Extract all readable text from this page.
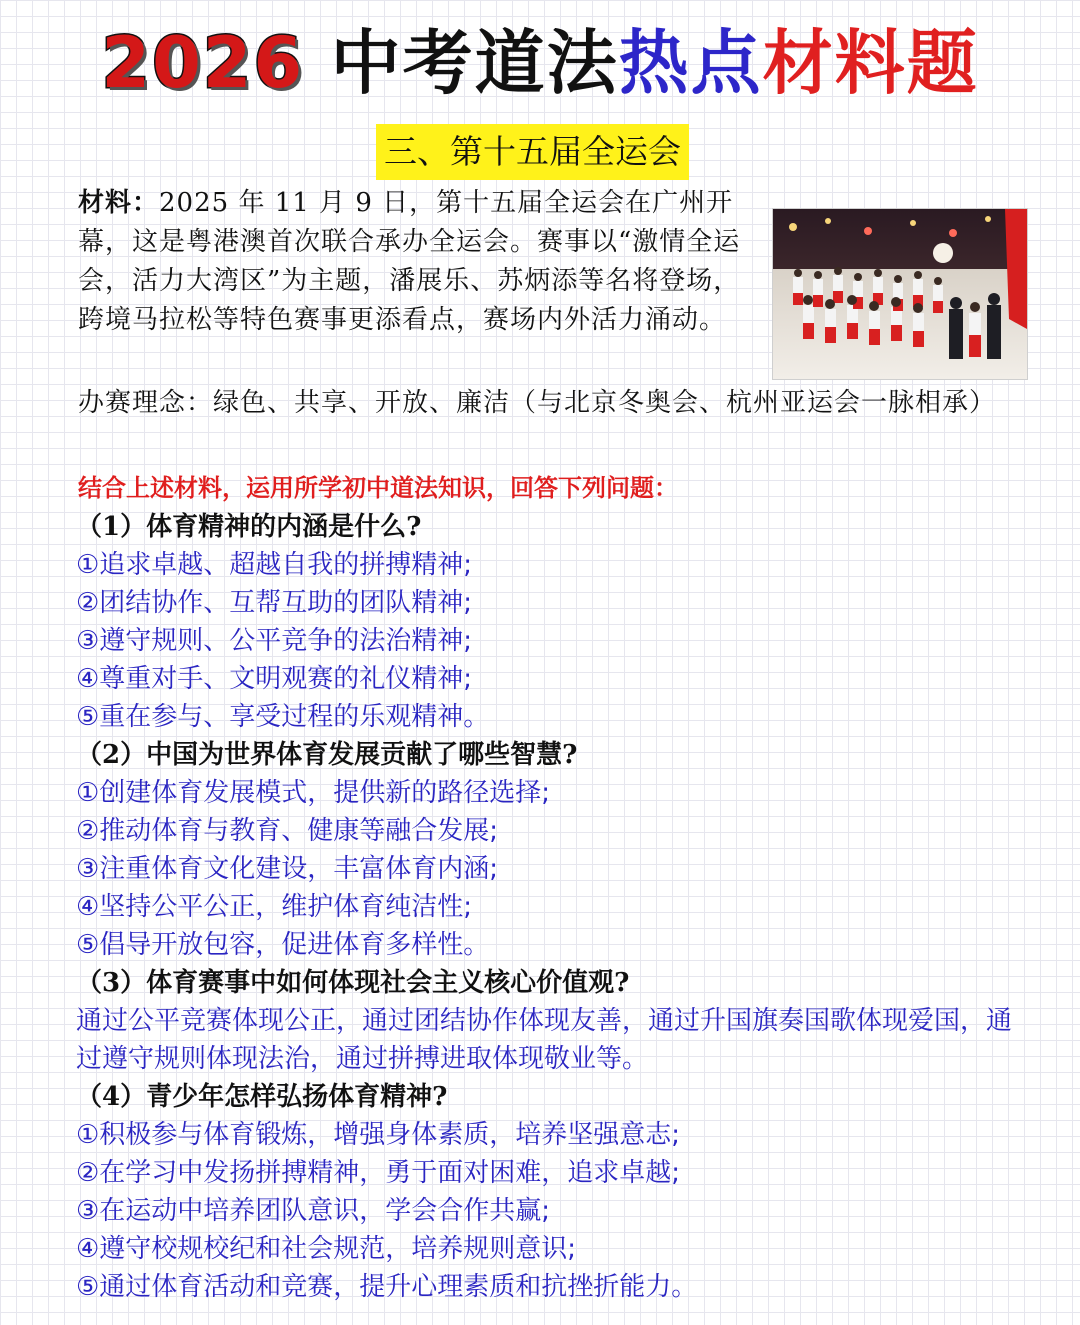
2026 中考道法热点材料题
三、第十五届全运会
材料：2025 年 11 月 9 日，第十五届全运会在广州开幕，这是粤港澳首次联合承办全运会。赛事以“激情全运会，活力大湾区”为主题，潘展乐、苏炳添等名将登场，跨境马拉松等特色赛事更添看点，赛场内外活力涌动。
办赛理念：绿色、共享、开放、廉洁（与北京冬奥会、杭州亚运会一脉相承）
结合上述材料，运用所学初中道法知识，回答下列问题：
（1）体育精神的内涵是什么?
①追求卓越、超越自我的拼搏精神;
②团结协作、互帮互助的团队精神;
③遵守规则、公平竞争的法治精神;
④尊重对手、文明观赛的礼仪精神;
⑤重在参与、享受过程的乐观精神。
（2）中国为世界体育发展贡献了哪些智慧?
①创建体育发展模式，提供新的路径选择;
②推动体育与教育、健康等融合发展;
③注重体育文化建设，丰富体育内涵;
④坚持公平公正，维护体育纯洁性;
⑤倡导开放包容，促进体育多样性。
（3）体育赛事中如何体现社会主义核心价值观?
通过公平竞赛体现公正，通过团结协作体现友善，通过升国旗奏国歌体现爱国，通过遵守规则体现法治，通过拼搏进取体现敬业等。
（4）青少年怎样弘扬体育精神?
①积极参与体育锻炼，增强身体素质，培养坚强意志;
②在学习中发扬拼搏精神，勇于面对困难，追求卓越;
③在运动中培养团队意识，学会合作共赢;
④遵守校规校纪和社会规范，培养规则意识;
⑤通过体育活动和竞赛，提升心理素质和抗挫折能力。
